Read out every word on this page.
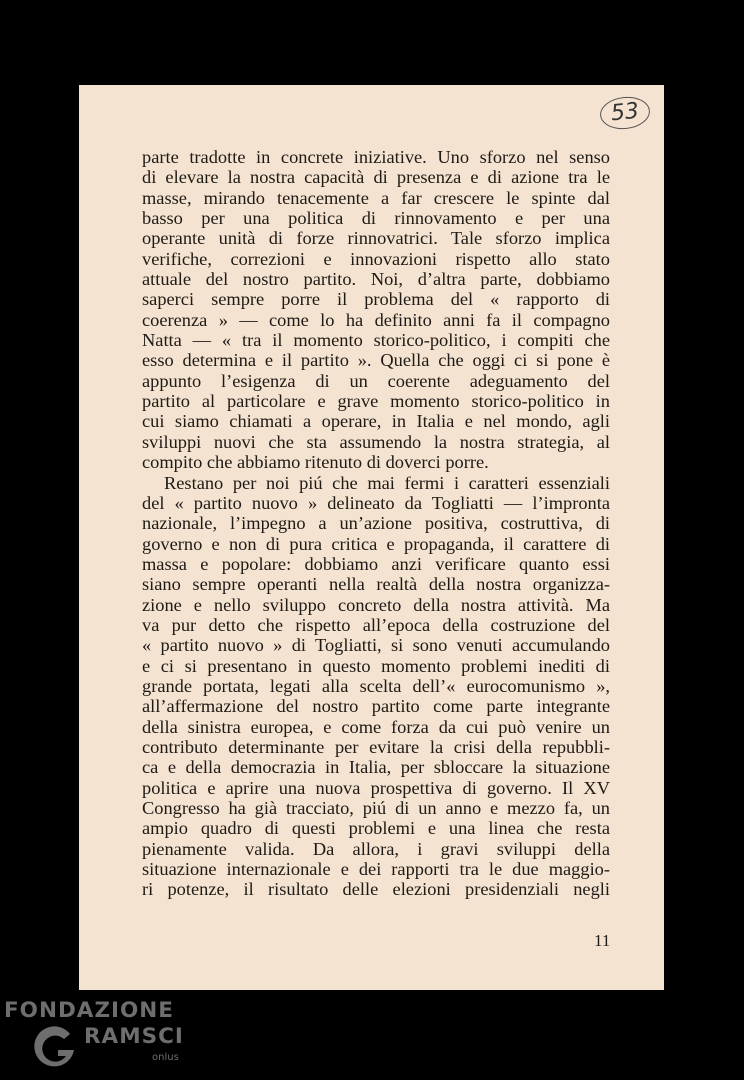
53

parte tradotte in concrete iniziative. Uno sforzo nel senso
di elevare la nostra capacità di presenza e di azione tra le
masse, mirando tenacemente a far crescere le spinte dal
basso per una politica di rinnovamento e per una
operante unità di forze rinnovatrici. Tale sforzo implica
verifiche, correzioni e innovazioni rispetto allo stato
attuale del nostro partito. Noi, d’altra parte, dobbiamo
saperci sempre porre il problema del « rapporto di
coerenza » — come lo ha definito anni fa il compagno
Natta — « tra il momento storico-politico, i compiti che
esso determina e il partito ». Quella che oggi ci si pone è
appunto l’esigenza di un coerente adeguamento del
partito al particolare e grave momento storico-politico in
cui siamo chiamati a operare, in Italia e nel mondo, agli
sviluppi nuovi che sta assumendo la nostra strategia, al
compito che abbiamo ritenuto di doverci porre.

Restano per noi piú che mai fermi i caratteri essenziali
del « partito nuovo » delineato da Togliatti — l’impronta
nazionale, l’impegno a un’azione positiva, costruttiva, di
governo e non di pura critica e propaganda, il carattere di
massa e popolare: dobbiamo anzi verificare quanto essi
siano sempre operanti nella realtà della nostra organizza-
zione e nello sviluppo concreto della nostra attività. Ma
va pur detto che rispetto all’epoca della costruzione del
« partito nuovo » di Togliatti, si sono venuti accumulando
e ci si presentano in questo momento problemi inediti di
grande portata, legati alla scelta dell’« eurocomunismo »,
all’affermazione del nostro partito come parte integrante
della sinistra europea, e come forza da cui può venire un
contributo determinante per evitare la crisi della repubbli-
ca e della democrazia in Italia, per sbloccare la situazione
politica e aprire una nuova prospettiva di governo. Il XV
Congresso ha già tracciato, piú di un anno e mezzo fa, un
ampio quadro di questi problemi e una linea che resta
pienamente valida. Da allora, i gravi sviluppi della
situazione internazionale e dei rapporti tra le due maggio-
ri potenze, il risultato delle elezioni presidenziali negli

11
FONDAZIONE
RAMSCI
onlus
